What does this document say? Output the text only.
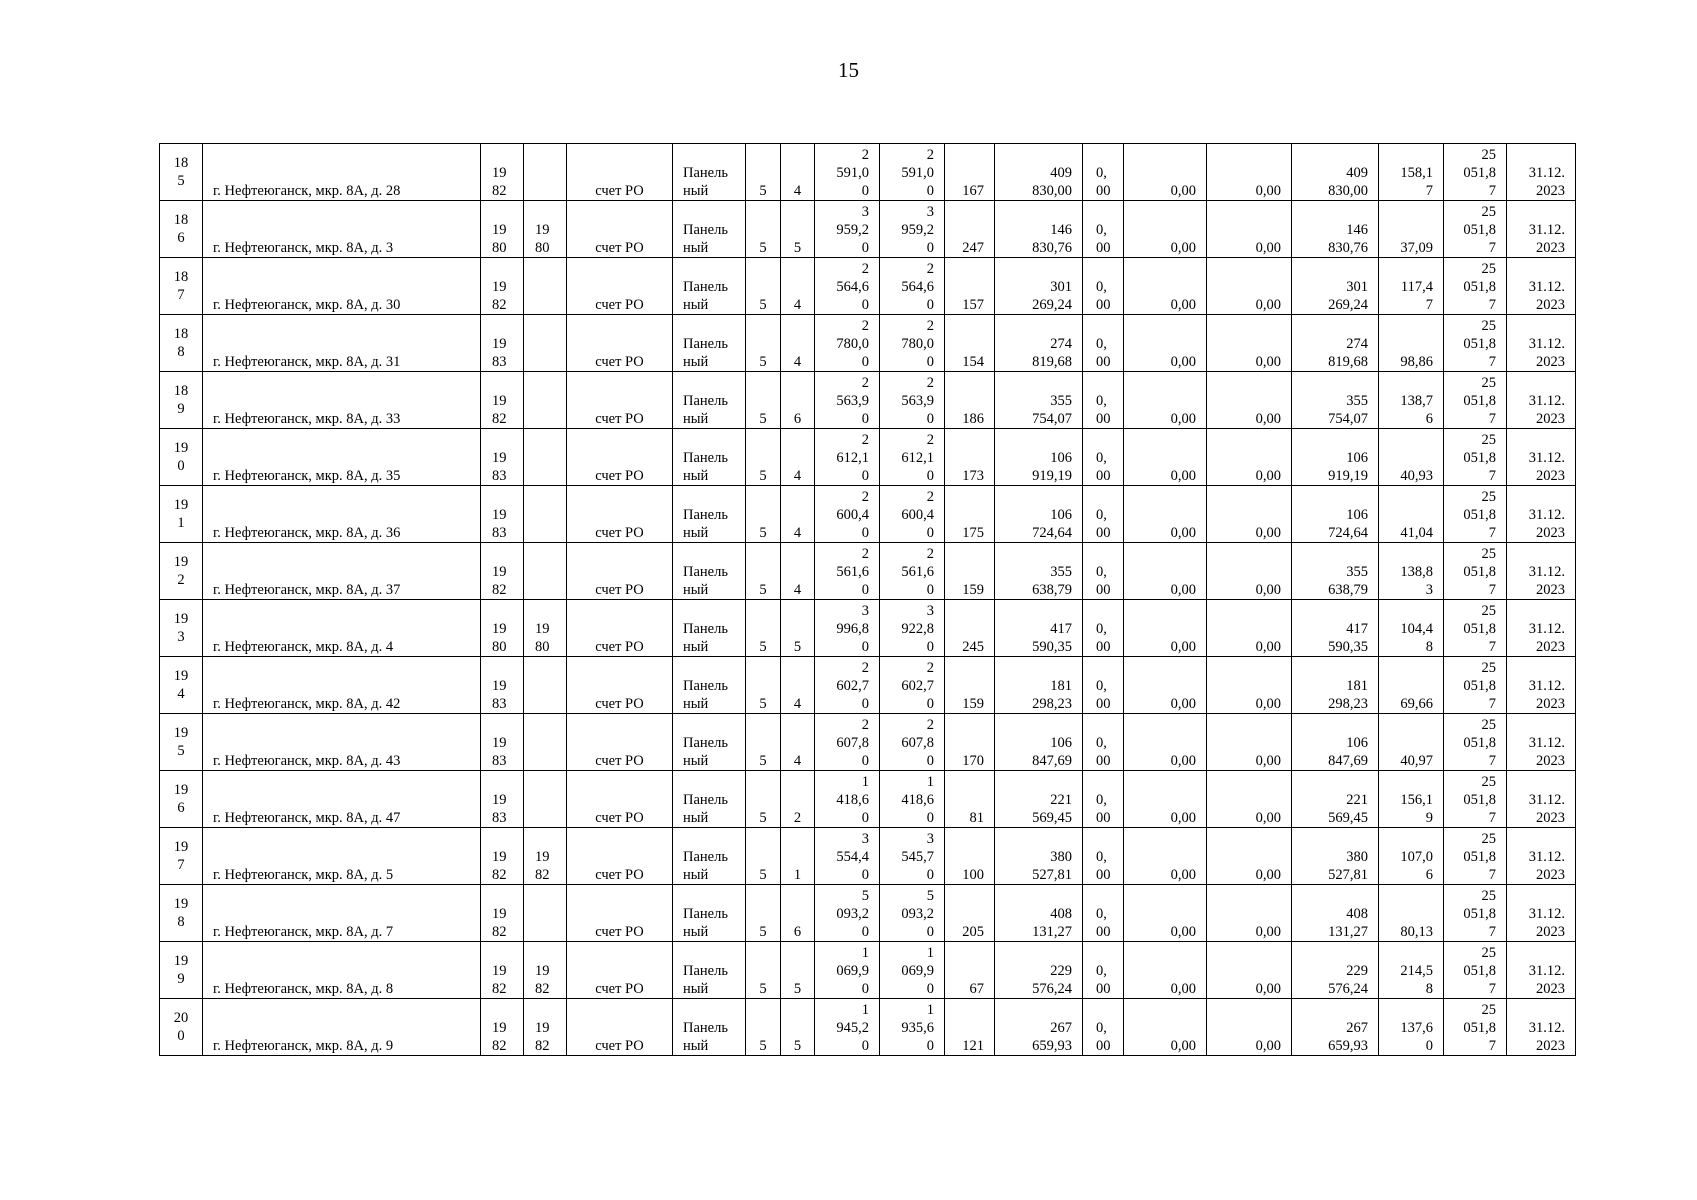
15
18
5	г. Нефтеюганск, мкр. 8А, д. 28	19
82		счет РО	Панель
ный	5	4	2
591,0
0	2
591,0
0	167	409
830,00	0,
00	0,00	0,00	409
830,00	158,1
7	25
051,8
7	31.12.
2023

18
6	г. Нефтеюганск, мкр. 8А, д. 3	19
80	19
80	счет РО	Панель
ный	5	5	3
959,2
0	3
959,2
0	247	146
830,76	0,
00	0,00	0,00	146
830,76	37,09	25
051,8
7	31.12.
2023

18
7	г. Нефтеюганск, мкр. 8А, д. 30	19
82		счет РО	Панель
ный	5	4	2
564,6
0	2
564,6
0	157	301
269,24	0,
00	0,00	0,00	301
269,24	117,4
7	25
051,8
7	31.12.
2023

18
8	г. Нефтеюганск, мкр. 8А, д. 31	19
83		счет РО	Панель
ный	5	4	2
780,0
0	2
780,0
0	154	274
819,68	0,
00	0,00	0,00	274
819,68	98,86	25
051,8
7	31.12.
2023

18
9	г. Нефтеюганск, мкр. 8А, д. 33	19
82		счет РО	Панель
ный	5	6	2
563,9
0	2
563,9
0	186	355
754,07	0,
00	0,00	0,00	355
754,07	138,7
6	25
051,8
7	31.12.
2023

19
0	г. Нефтеюганск, мкр. 8А, д. 35	19
83		счет РО	Панель
ный	5	4	2
612,1
0	2
612,1
0	173	106
919,19	0,
00	0,00	0,00	106
919,19	40,93	25
051,8
7	31.12.
2023

19
1	г. Нефтеюганск, мкр. 8А, д. 36	19
83		счет РО	Панель
ный	5	4	2
600,4
0	2
600,4
0	175	106
724,64	0,
00	0,00	0,00	106
724,64	41,04	25
051,8
7	31.12.
2023

19
2	г. Нефтеюганск, мкр. 8А, д. 37	19
82		счет РО	Панель
ный	5	4	2
561,6
0	2
561,6
0	159	355
638,79	0,
00	0,00	0,00	355
638,79	138,8
3	25
051,8
7	31.12.
2023

19
3	г. Нефтеюганск, мкр. 8А, д. 4	19
80	19
80	счет РО	Панель
ный	5	5	3
996,8
0	3
922,8
0	245	417
590,35	0,
00	0,00	0,00	417
590,35	104,4
8	25
051,8
7	31.12.
2023

19
4	г. Нефтеюганск, мкр. 8А, д. 42	19
83		счет РО	Панель
ный	5	4	2
602,7
0	2
602,7
0	159	181
298,23	0,
00	0,00	0,00	181
298,23	69,66	25
051,8
7	31.12.
2023

19
5	г. Нефтеюганск, мкр. 8А, д. 43	19
83		счет РО	Панель
ный	5	4	2
607,8
0	2
607,8
0	170	106
847,69	0,
00	0,00	0,00	106
847,69	40,97	25
051,8
7	31.12.
2023

19
6	г. Нефтеюганск, мкр. 8А, д. 47	19
83		счет РО	Панель
ный	5	2	1
418,6
0	1
418,6
0	81	221
569,45	0,
00	0,00	0,00	221
569,45	156,1
9	25
051,8
7	31.12.
2023

19
7	г. Нефтеюганск, мкр. 8А, д. 5	19
82	19
82	счет РО	Панель
ный	5	1	3
554,4
0	3
545,7
0	100	380
527,81	0,
00	0,00	0,00	380
527,81	107,0
6	25
051,8
7	31.12.
2023

19
8	г. Нефтеюганск, мкр. 8А, д. 7	19
82		счет РО	Панель
ный	5	6	5
093,2
0	5
093,2
0	205	408
131,27	0,
00	0,00	0,00	408
131,27	80,13	25
051,8
7	31.12.
2023

19
9	г. Нефтеюганск, мкр. 8А, д. 8	19
82	19
82	счет РО	Панель
ный	5	5	1
069,9
0	1
069,9
0	67	229
576,24	0,
00	0,00	0,00	229
576,24	214,5
8	25
051,8
7	31.12.
2023

20
0	г. Нефтеюганск, мкр. 8А, д. 9	19
82	19
82	счет РО	Панель
ный	5	5	1
945,2
0	1
935,6
0	121	267
659,93	0,
00	0,00	0,00	267
659,93	137,6
0	25
051,8
7	31.12.
2023
